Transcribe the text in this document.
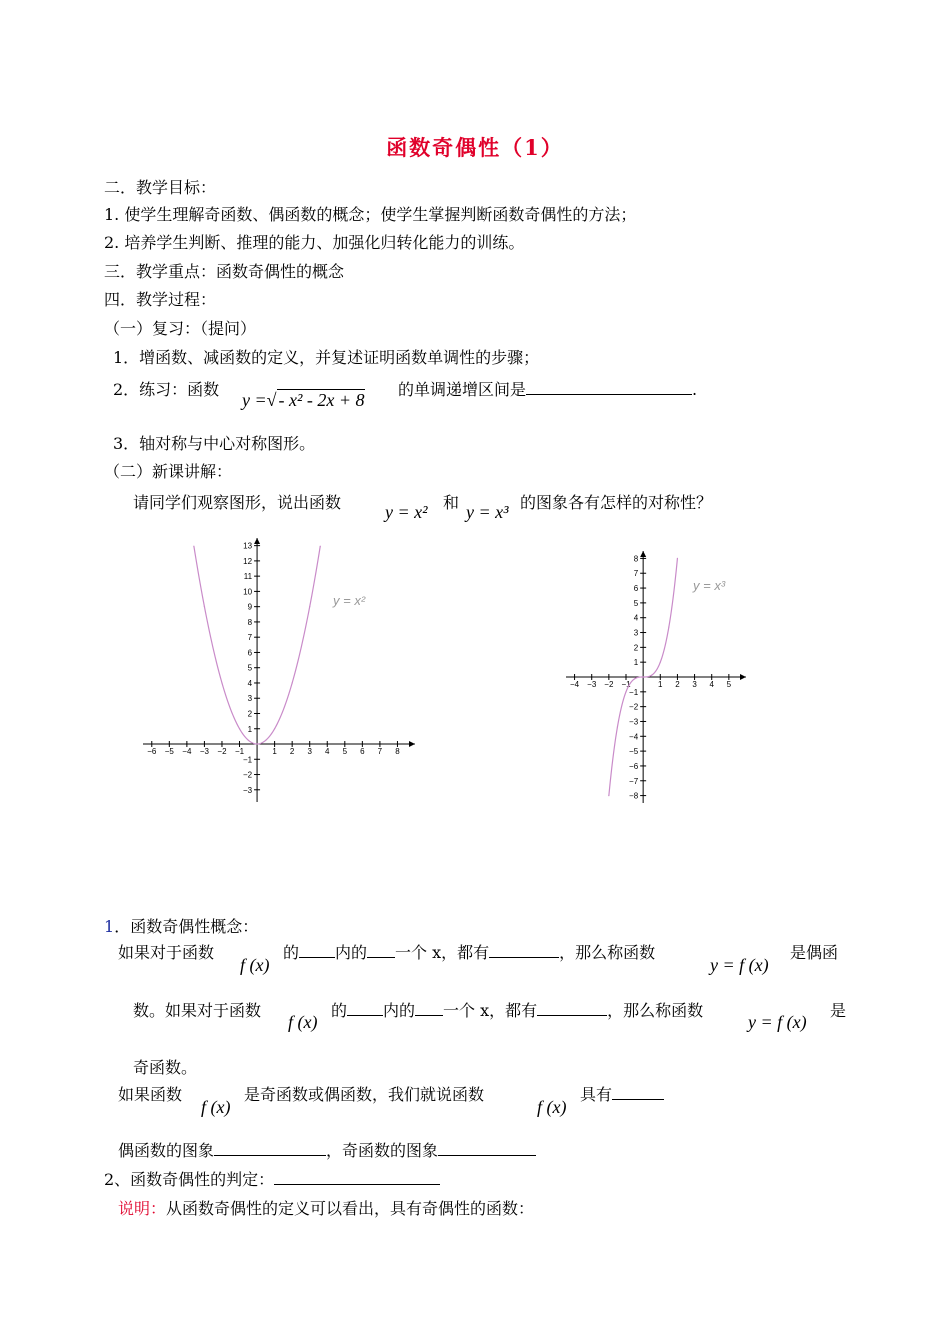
函数奇偶性（1）
二．教学目标：
1. 使学生理解奇函数、偶函数的概念；使学生掌握判断函数奇偶性的方法；
2. 培养学生判断、推理的能力、加强化归转化能力的训练。
三．教学重点：函数奇偶性的概念
四．教学过程：
（一）复习：（提问）
1．增函数、减函数的定义，并复述证明函数单调性的步骤；
2．练习：函数
y =√ - x² - 2x + 8
的单调递增区间是	.
3．轴对称与中心对称图形。
（二）新课讲解：
请同学们观察图形，说出函数 y = x² 和 y = x³ 的图象各有怎样的对称性？
−6 −5 −4 −3 −2 −1	1 2 3 4 5 6 7 8
−3
−2
−1
1
2
3
4
5
6
7
8
9
10
11
12
13
y = x²
−4 −3 −2 −1	1 2 3 4 5
−8
−7
−6
−5
−4
−3
−2
−1
1
2
3
4
5
6
7
8
y = x³
1．函数奇偶性概念：
如果对于函数
f (x)
的 内的 一个 x，都有	，那么称函数
y = f (x)
是偶函
数。如果对于函数
f (x)
的 内的 一个 x，都有	，那么称函数
y = f (x)
是
奇函数。
如果函数
f (x)
是奇函数或偶函数，我们就说函数
f (x)
具有
偶函数的图象	，奇函数的图象
2、函数奇偶性的判定：
说明：从函数奇偶性的定义可以看出，具有奇偶性的函数：
